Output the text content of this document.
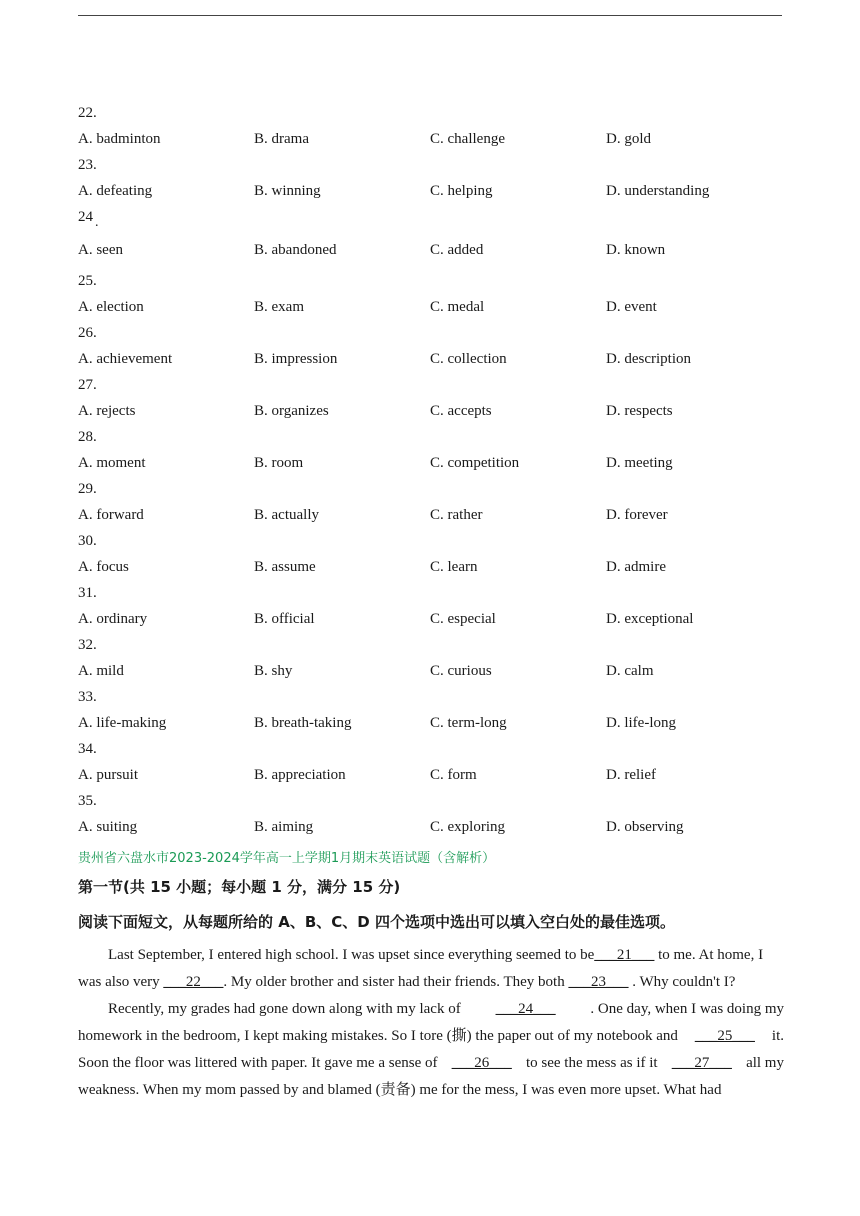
22.
A. badminton	B. drama	C. challenge	D. gold
23.
A. defeating	B. winning	C. helping	D. understanding
24 .
A. seen	B. abandoned	C. added	D. known
25.
A. election	B. exam	C. medal	D. event
26.
A. achievement	B. impression	C. collection	D. description
27.
A. rejects	B. organizes	C. accepts	D. respects
28.
A. moment	B. room	C. competition	D. meeting
29.
A. forward	B. actually	C. rather	D. forever
30.
A. focus	B. assume	C. learn	D. admire
31.
A. ordinary	B. official	C. especial	D. exceptional
32.
A. mild	B. shy	C. curious	D. calm
33.
A. life-making	B. breath-taking	C. term-long	D. life-long
34.
A. pursuit	B. appreciation	C. form	D. relief
35.
A. suiting	B. aiming	C. exploring	D. observing
贵州省六盘水市2023-2024学年高一上学期1月期末英语试题（含解析）
第一节(共 15 小题；每小题 1 分，满分 15 分)
阅读下面短文，从每题所给的 A、B、C、D 四个选项中选出可以填入空白处的最佳选项。
Last September, I entered high school. I was upset since everything seemed to be___21___ to me. At home, I
was also very ___22___. My older brother and sister had their friends. They both ___23___ . Why couldn't I?
Recently, my grades had gone down along with my lack of ___24___ . One day, when I was doing my
homework in the bedroom, I kept making mistakes. So I tore (撕) the paper out of my notebook and ___25___ it.
Soon the floor was littered with paper. It gave me a sense of ___26___ to see the mess as if it ___27___ all my
weakness. When my mom passed by and blamed (责备) me for the mess, I was even more upset. What had
